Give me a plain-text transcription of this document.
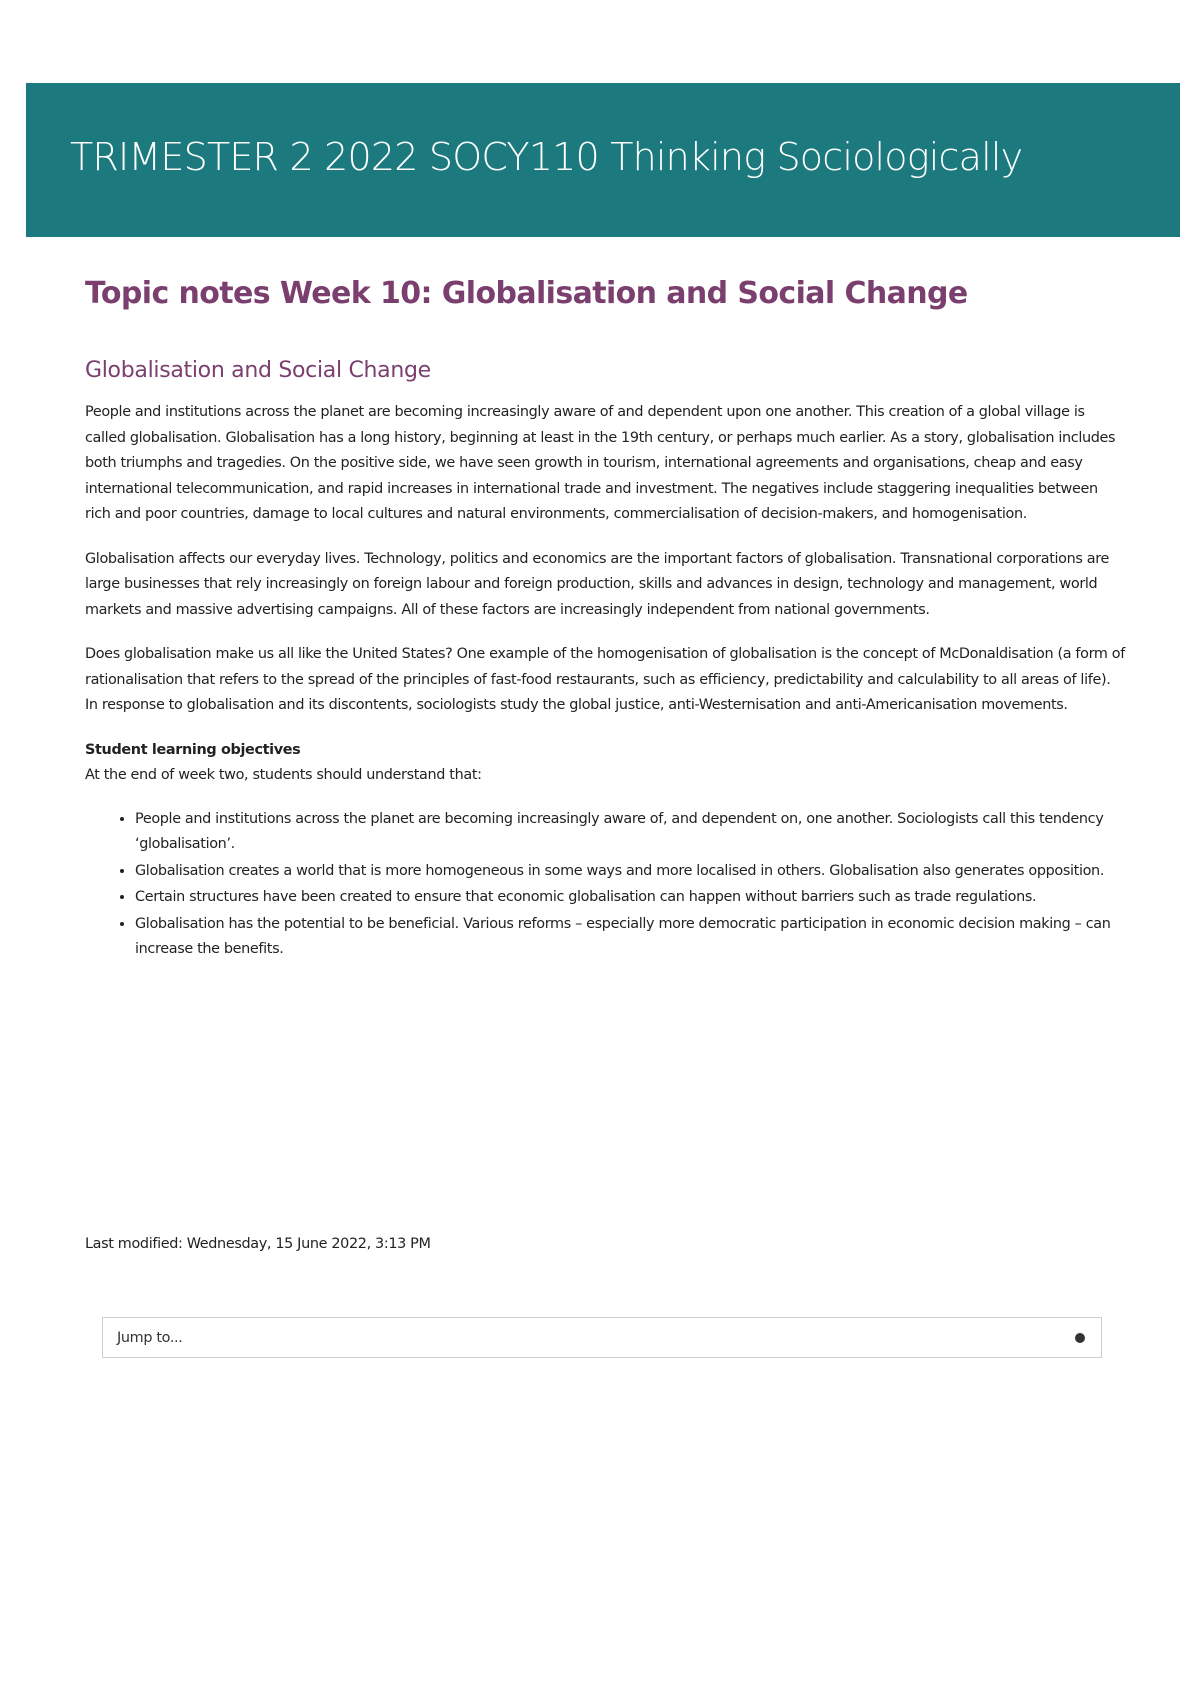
TRIMESTER 2 2022 SOCY110 Thinking Sociologically
Topic notes Week 10: Globalisation and Social Change
Globalisation and Social Change

People and institutions across the planet are becoming increasingly aware of and dependent upon one another. This creation of a global village is called globalisation. Globalisation has a long history, beginning at least in the 19th century, or perhaps much earlier. As a story, globalisation includes both triumphs and tragedies. On the positive side, we have seen growth in tourism, international agreements and organisations, cheap and easy international telecommunication, and rapid increases in international trade and investment. The negatives include staggering inequalities between rich and poor countries, damage to local cultures and natural environments, commercialisation of decision-makers, and homogenisation.

Globalisation affects our everyday lives. Technology, politics and economics are the important factors of globalisation. Transnational corporations are large businesses that rely increasingly on foreign labour and foreign production, skills and advances in design, technology and management, world markets and massive advertising campaigns. All of these factors are increasingly independent from national governments.

Does globalisation make us all like the United States? One example of the homogenisation of globalisation is the concept of McDonaldisation (a form of rationalisation that refers to the spread of the principles of fast-food restaurants, such as efficiency, predictability and calculability to all areas of life). In response to globalisation and its discontents, sociologists study the global justice, anti-Westernisation and anti-Americanisation movements.

Student learning objectives
At the end of week two, students should understand that:
• People and institutions across the planet are becoming increasingly aware of, and dependent on, one another. Sociologists call this tendency ‘globalisation’.
• Globalisation creates a world that is more homogeneous in some ways and more localised in others. Globalisation also generates opposition.
• Certain structures have been created to ensure that economic globalisation can happen without barriers such as trade regulations.
• Globalisation has the potential to be beneficial. Various reforms – especially more democratic participation in economic decision making – can increase the benefits.
Last modified: Wednesday, 15 June 2022, 3:13 PM
Jump to...
